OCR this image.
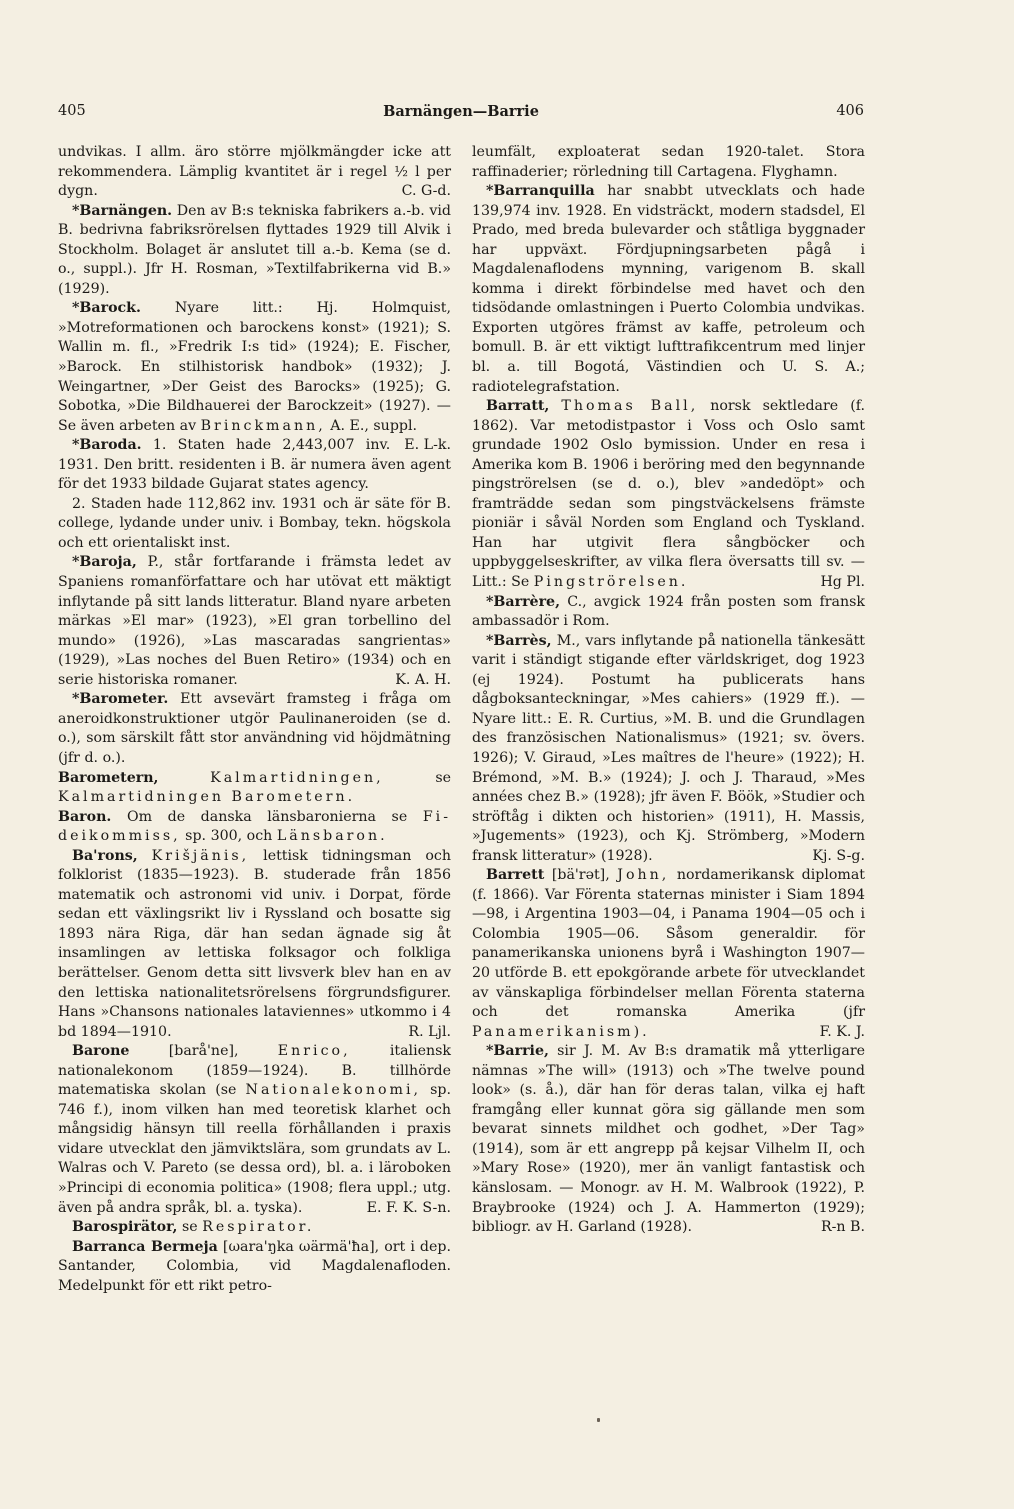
405	Barnängen—Barrie	406

undvikas. I allm. äro större mjölkmängder icke att rekommendera. Lämplig kvantitet är i regel ½ l per dygn.	C. G-d.

*Barnängen. Den av B:s tekniska fabrikers a.-b. vid B. bedrivna fabriksrörelsen flyttades 1929 till Alvik i Stockholm. Bolaget är anslutet till a.-b. Kema (se d. o., suppl.). Jfr H. Rosman, »Textilfabrikerna vid B.» (1929).

*Barock. Nyare litt.: Hj. Holmquist, »Motreformationen och barockens konst» (1921); S. Wallin m. fl., »Fredrik I:s tid» (1924); E. Fischer, »Barock. En stilhistorisk handbok» (1932); J. Weingartner, »Der Geist des Barocks» (1925); G. Sobotka, »Die Bildhauerei der Barockzeit» (1927). — Se även arbeten av Brinckmann, A. E., suppl.
E. L-k.

*Baroda. 1. Staten hade 2,443,007 inv. 1931. Den britt. residenten i B. är numera även agent för det 1933 bildade Gujarat states agency.

2. Staden hade 112,862 inv. 1931 och är säte för B. college, lydande under univ. i Bombay, tekn. högskola och ett orientaliskt inst.

*Baroja, P., står fortfarande i främsta ledet av Spaniens romanförfattare och har utövat ett mäktigt inflytande på sitt lands litteratur. Bland nyare arbeten märkas »El mar» (1923), »El gran torbellino del mundo» (1926), »Las mascaradas sangrientas» (1929), »Las noches del Buen Retiro» (1934) och en serie historiska romaner.	K. A. H.

*Barometer. Ett avsevärt framsteg i fråga om aneroidkonstruktioner utgör Paulinaneroiden (se d. o.), som särskilt fått stor användning vid höjdmätning (jfr d. o.).

Barometern,	Kalmartidningen, se
Kalmartidningen Barometern.
Baron. Om de danska länsbaronierna se Fi-
deikommiss, sp. 300, och Länsbaron.

Ba'rons, Krišjänis, lettisk tidningsman och folklorist (1835—1923). B. studerade från 1856 matematik och astronomi vid univ. i Dorpat, förde sedan ett växlingsrikt liv i Ryssland och bosatte sig 1893 nära Riga, där han sedan ägnade sig åt insamlingen av lettiska folksagor och folkliga berättelser. Genom detta sitt livsverk blev han en av den lettiska nationalitetsrörelsens förgrundsfigurer. Hans »Chansons nationales lataviennes» utkommo i 4 bd 1894—1910.	R. Ljl.

Barone	[barå'ne],	Enrico,	italiensk nationalekonom (1859—1924). B. tillhörde matematiska skolan (se Nationalekonomi, sp. 746 f.), inom vilken han med teoretisk klarhet och mångsidig hänsyn till reella förhållanden i praxis vidare utvecklat den jämviktslära, som grundats av L. Walras och V. Pareto (se dessa ord), bl. a. i läroboken »Principi di economia politica» (1908; flera uppl.; utg. även på andra språk, bl. a. tyska).	E. F. K. S-n.

Barospirätor, se Respirator.

Barranca Bermeja [ωara'ŋka ωärmä'ħa], ort i dep. Santander, Colombia, vid Magdalenafloden. Medelpunkt för ett rikt petro-

leumfält, exploaterat sedan 1920-talet. Stora raffinaderier; rörledning till Cartagena. Flyghamn.

*Barranquilla har snabbt utvecklats och hade 139,974 inv. 1928. En vidsträckt, modern stadsdel, El Prado, med breda bulevarder och ståtliga byggnader har uppväxt. Fördjupningsarbeten pågå i Magdalenaflodens mynning, varigenom B. skall komma i direkt förbindelse med havet och den tidsödande omlastningen i Puerto Colombia undvikas. Exporten utgöres främst av kaffe, petroleum och bomull. B. är ett viktigt lufttrafikcentrum med linjer bl. a. till Bogotá, Västindien och U. S. A.; radiotelegrafstation.

Barratt, Thomas Ball, norsk sektledare (f. 1862). Var metodistpastor i Voss och Oslo samt grundade 1902 Oslo bymission. Under en resa i Amerika kom B. 1906 i beröring med den begynnande pingströrelsen (se d. o.), blev »andedöpt» och framträdde sedan som pingstväckelsens främste pioniär i såväl Norden som England och Tyskland. Han har utgivit flera sångböcker och uppbyggelseskrifter, av vilka flera översatts till sv. — Litt.: Se Pingströrelsen.	Hg Pl.

*Barrère, C., avgick 1924 från posten som fransk ambassadör i Rom.

*Barrès, M., vars inflytande på nationella tänkesätt varit i ständigt stigande efter världskriget, dog 1923 (ej 1924). Postumt ha publicerats hans dågboksanteckningar, »Mes cahiers» (1929 ff.). — Nyare litt.: E. R. Curtius, »M. B. und die Grundlagen des französischen Nationalismus» (1921; sv. övers. 1926); V. Giraud, »Les maîtres de l'heure» (1922); H. Brémond, »M. B.» (1924); J. och J. Tharaud, »Mes années chez B.» (1928); jfr även F. Böök, »Studier och ströftåg i dikten och historien» (1911), H. Massis, »Jugements» (1923), och Kj. Strömberg, »Modern fransk litteratur» (1928).	Kj. S-g.

Barrett [bä'rət], John, nordamerikansk diplomat (f. 1866). Var Förenta staternas minister i Siam 1894—98, i Argentina 1903—04, i Panama 1904—05 och i Colombia 1905—06. Såsom generaldir. för panamerikanska unionens byrå i Washington 1907—20 utförde B. ett epokgörande arbete för utvecklandet av vänskapliga förbindelser mellan Förenta staterna och det romanska Amerika (jfr Panamerikanism).	F. K. J.

*Barrie, sir J. M. Av B:s dramatik må ytterligare nämnas »The will» (1913) och »The twelve pound look» (s. å.), där han för deras talan, vilka ej haft framgång eller kunnat göra sig gällande men som bevarat sinnets mildhet och godhet, »Der Tag» (1914), som är ett angrepp på kejsar Vilhelm II, och »Mary Rose» (1920), mer än vanligt fantastisk och känslosam. — Monogr. av H. M. Walbrook (1922), P. Braybrooke (1924) och J. A. Hammerton (1929); bibliogr. av H. Garland (1928).	R-n B.
